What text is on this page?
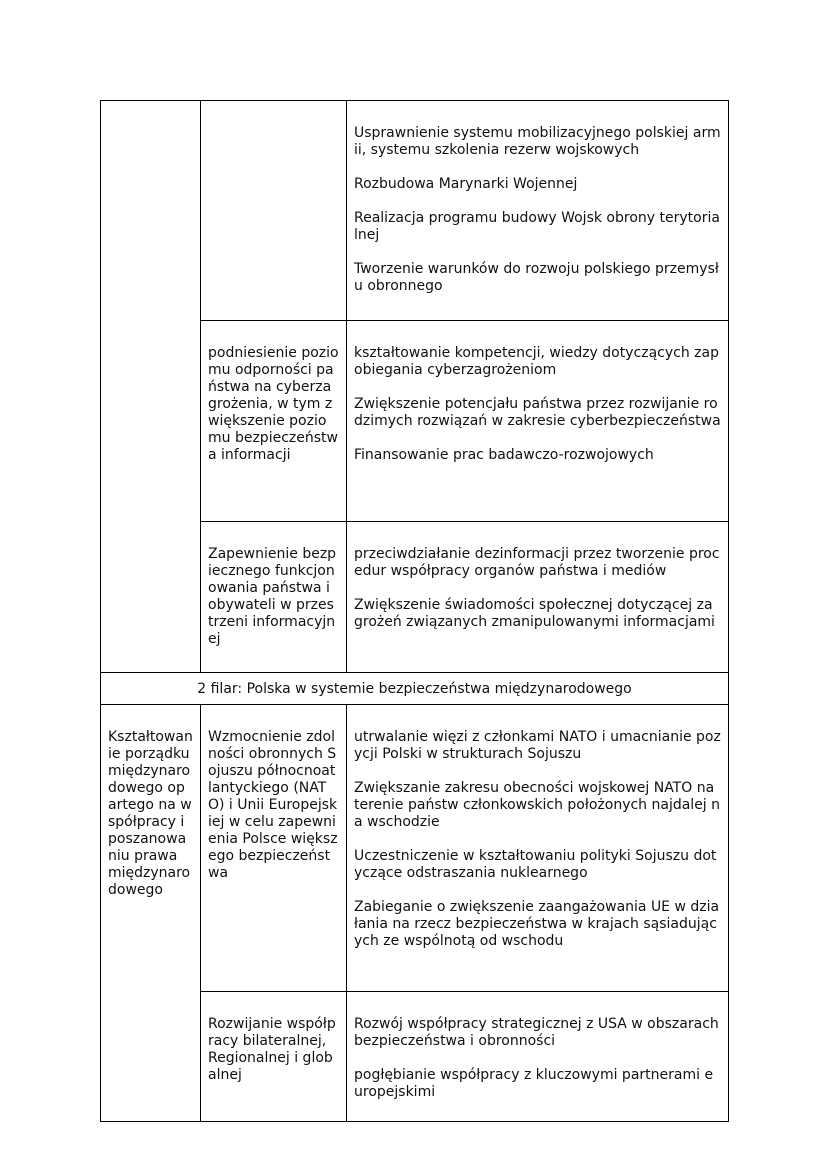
		Usprawnienie systemu mobilizacyjnego polskiej armii, systemu szkolenia rezerw wojskowych

Rozbudowa Marynarki Wojennej

Realizacja programu budowy Wojsk obrony terytorialnej

Tworzenie warunków do rozwoju polskiego przemysłu obronnego

	podniesienie poziomu odporności państwa na cyberzagrożenia, w tym zwiększenie poziomu bezpieczeństwa informacji	kształtowanie kompetencji, wiedzy dotyczących zapobiegania cyberzagrożeniom

Zwiększenie potencjału państwa przez rozwijanie rodzimych rozwiązań w zakresie cyberbezpieczeństwa

Finansowanie prac badawczo-rozwojowych

	Zapewnienie bezpiecznego funkcjonowania państwa i obywateli w przestrzeni informacyjnej	przeciwdziałanie dezinformacji przez tworzenie procedur współpracy organów państwa i mediów

Zwiększenie świadomości społecznej dotyczącej zagrożeń związanych zmanipulowanymi informacjami

2 filar: Polska w systemie bezpieczeństwa międzynarodowego		

Kształtowanie porządku międzynarodowego opartego na współpracy i poszanowaniu prawa międzynarodowego	Wzmocnienie zdolności obronnych Sojuszu północnoatlantyckiego (NATO) i Unii Europejskiej w celu zapewnienia Polsce większego bezpieczeństwa	utrwalanie więzi z członkami NATO i umacnianie pozycji Polski w strukturach Sojuszu

Zwiększanie zakresu obecności wojskowej NATO na terenie państw członkowskich położonych najdalej na wschodzie

Uczestniczenie w kształtowaniu polityki Sojuszu dotyczące odstraszania nuklearnego

Zabieganie o zwiększenie zaangażowania UE w działania na rzecz bezpieczeństwa w krajach sąsiadujących ze wspólnotą od wschodu

	Rozwijanie współpracy bilateralnej, Regionalnej i globalnej	Rozwój współpracy strategicznej z USA w obszarach bezpieczeństwa i obronności

pogłębianie współpracy z kluczowymi partnerami europejskimi
